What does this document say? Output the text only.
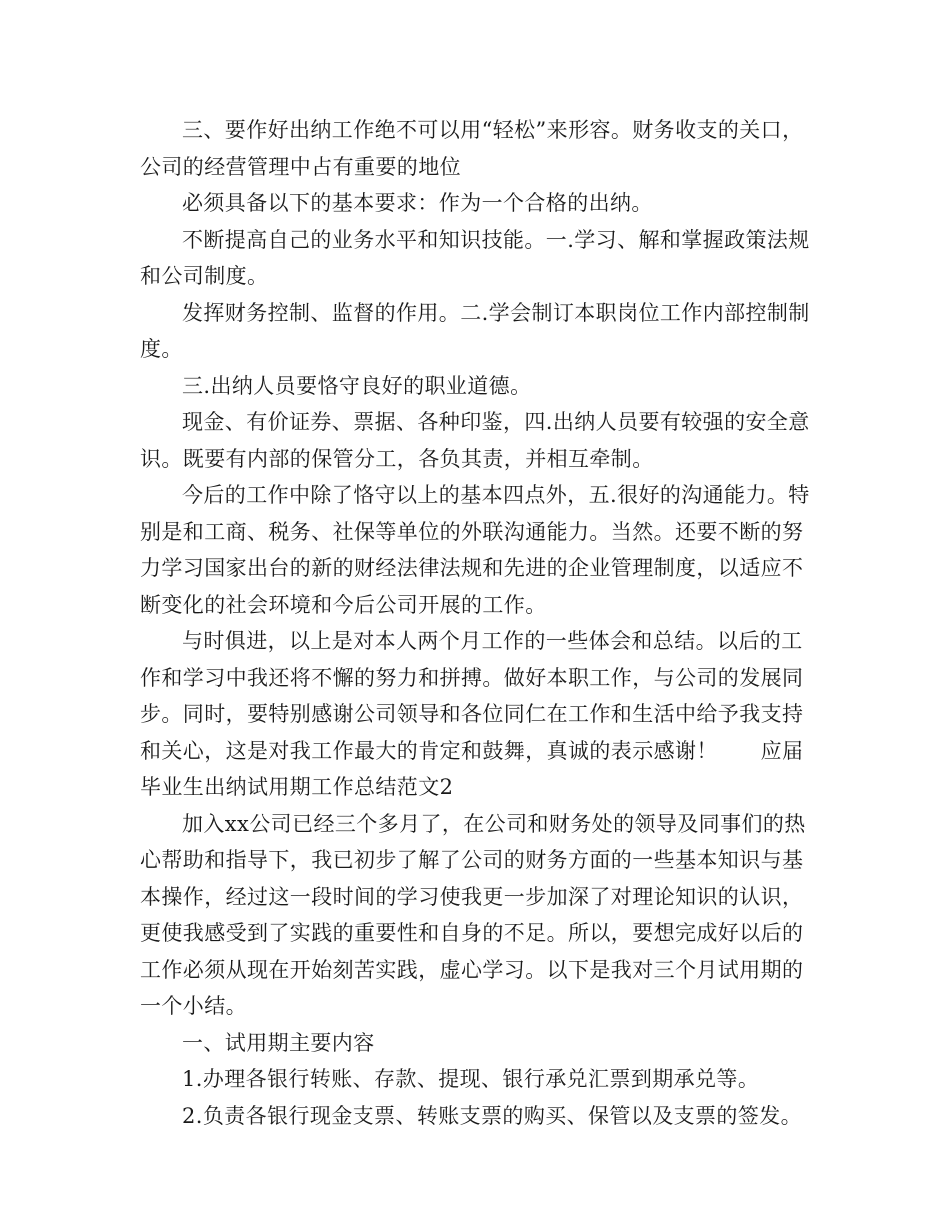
三、要作好出纳工作绝不可以用“轻松”来形容。财务收支的关口，公司的经营管理中占有重要的地位

必须具备以下的基本要求：作为一个合格的出纳。

不断提高自己的业务水平和知识技能。一.学习、解和掌握政策法规和公司制度。

发挥财务控制、监督的作用。二.学会制订本职岗位工作内部控制制度。

三.出纳人员要恪守良好的职业道德。

现金、有价证券、票据、各种印鉴，四.出纳人员要有较强的安全意识。既要有内部的保管分工，各负其责，并相互牵制。

今后的工作中除了恪守以上的基本四点外，五.很好的沟通能力。特别是和工商、税务、社保等单位的外联沟通能力。当然。还要不断的努力学习国家出台的新的财经法律法规和先进的企业管理制度，以适应不断变化的社会环境和今后公司开展的工作。

与时俱进，以上是对本人两个月工作的一些体会和总结。以后的工作和学习中我还将不懈的努力和拼搏。做好本职工作，与公司的发展同步。同时，要特别感谢公司领导和各位同仁在工作和生活中给予我支持和关心，这是对我工作最大的肯定和鼓舞，真诚的表示感谢！　　应届毕业生出纳试用期工作总结范文2

加入xx公司已经三个多月了，在公司和财务处的领导及同事们的热心帮助和指导下，我已初步了解了公司的财务方面的一些基本知识与基本操作，经过这一段时间的学习使我更一步加深了对理论知识的认识，更使我感受到了实践的重要性和自身的不足。所以，要想完成好以后的工作必须从现在开始刻苦实践，虚心学习。以下是我对三个月试用期的一个小结。

一、试用期主要内容

1.办理各银行转账、存款、提现、银行承兑汇票到期承兑等。

2.负责各银行现金支票、转账支票的购买、保管以及支票的签发。
